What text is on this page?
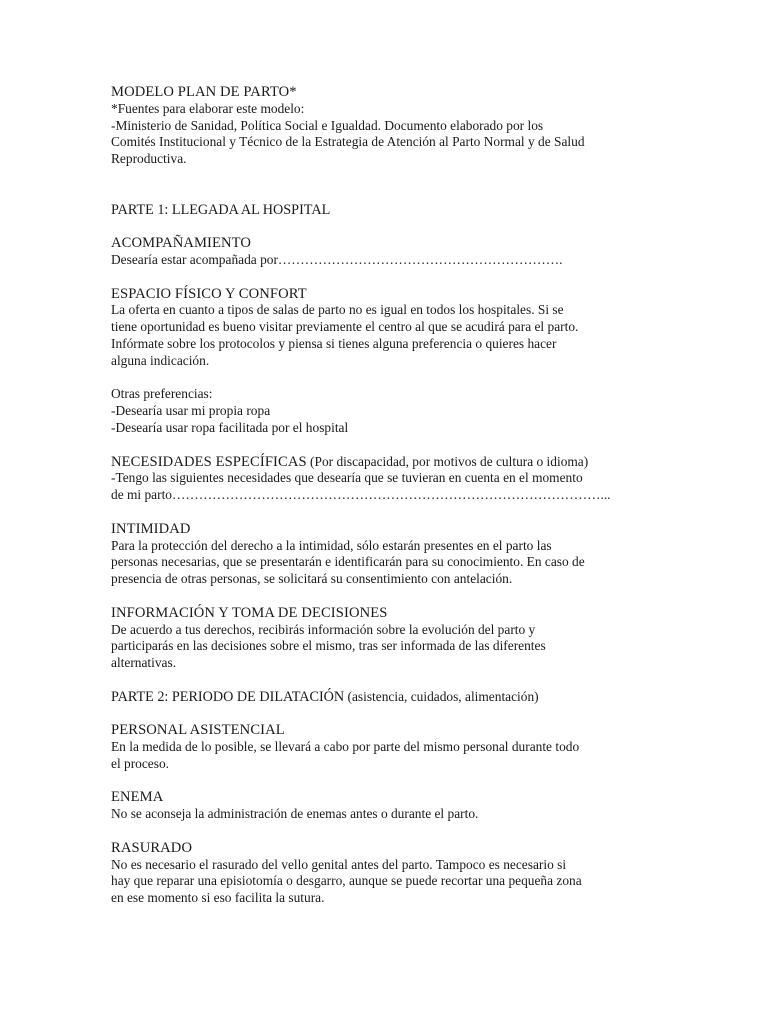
MODELO PLAN DE PARTO*
*Fuentes para elaborar este modelo:
-Ministerio de Sanidad, Política Social e Igualdad. Documento elaborado por los
Comités Institucional y Técnico de la Estrategia de Atención al Parto Normal y de Salud
Reproductiva.
PARTE 1: LLEGADA AL HOSPITAL
ACOMPAÑAMIENTO
Desearía estar acompañada por……………………………………………………….
ESPACIO FÍSICO Y CONFORT
La oferta en cuanto a tipos de salas de parto no es igual en todos los hospitales. Si se
tiene oportunidad es bueno visitar previamente el centro al que se acudirá para el parto.
Infórmate sobre los protocolos y piensa si tienes alguna preferencia o quieres hacer
alguna indicación.
Otras preferencias:
-Desearía usar mi propia ropa
-Desearía usar ropa facilitada por el hospital
NECESIDADES ESPECÍFICAS (Por discapacidad, por motivos de cultura o idioma)
-Tengo las siguientes necesidades que desearía que se tuvieran en cuenta en el momento
de mi parto……………………………………………………………………………………...
INTIMIDAD
Para la protección del derecho a la intimidad, sólo estarán presentes en el parto las
personas necesarias, que se presentarán e identificarán para su conocimiento. En caso de
presencia de otras personas, se solicitará su consentimiento con antelación.
INFORMACIÓN Y TOMA DE DECISIONES
De acuerdo a tus derechos, recibirás información sobre la evolución del parto y
participarás en las decisiones sobre el mismo, tras ser informada de las diferentes
alternativas.
PARTE 2: PERIODO DE DILATACIÓN (asistencia, cuidados, alimentación)
PERSONAL ASISTENCIAL
En la medida de lo posible, se llevará a cabo por parte del mismo personal durante todo
el proceso.
ENEMA
No se aconseja la administración de enemas antes o durante el parto.
RASURADO
No es necesario el rasurado del vello genital antes del parto. Tampoco es necesario si
hay que reparar una episiotomía o desgarro, aunque se puede recortar una pequeña zona
en ese momento si eso facilita la sutura.
